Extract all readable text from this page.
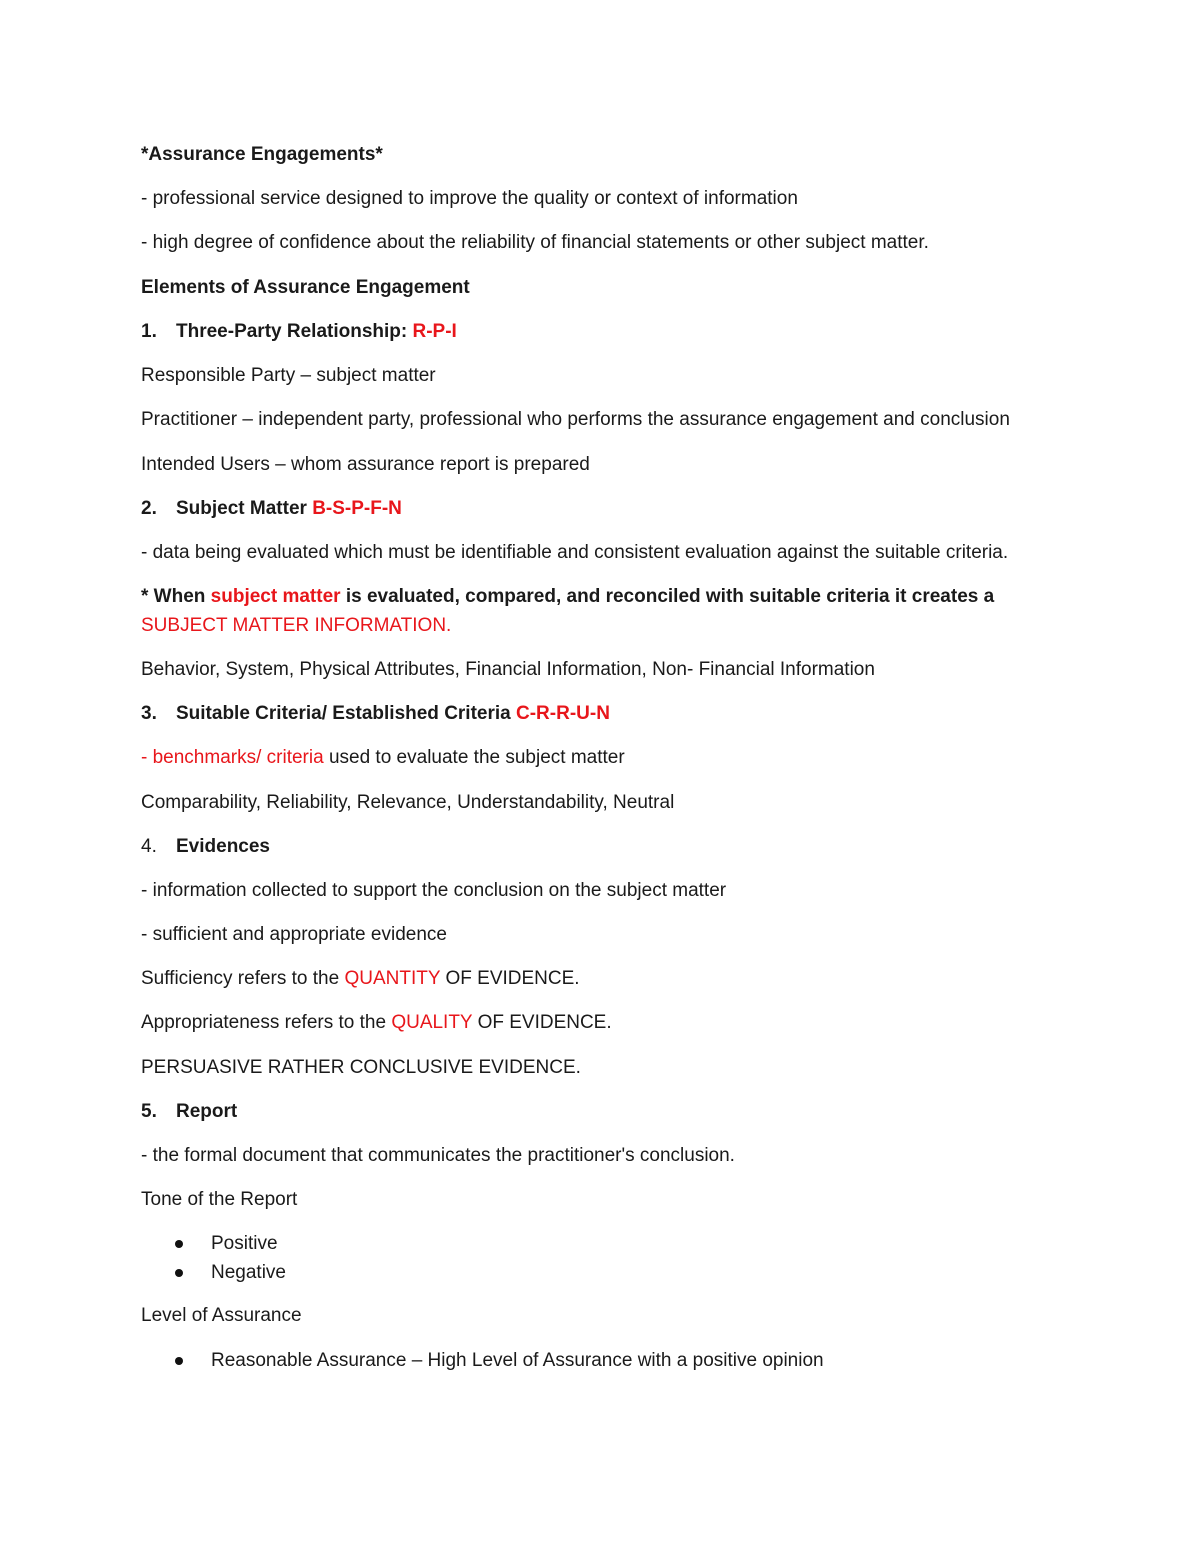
*Assurance Engagements*
- professional service designed to improve the quality or context of information
- high degree of confidence about the reliability of financial statements or other subject matter.
Elements of Assurance Engagement
1. Three-Party Relationship: R-P-I
Responsible Party – subject matter
Practitioner – independent party, professional who performs the assurance engagement and conclusion
Intended Users – whom assurance report is prepared
2. Subject Matter B-S-P-F-N
- data being evaluated which must be identifiable and consistent evaluation against the suitable criteria.
* When subject matter is evaluated, compared, and reconciled with suitable criteria it creates a
SUBJECT MATTER INFORMATION.
Behavior, System, Physical Attributes, Financial Information, Non- Financial Information
3. Suitable Criteria/ Established Criteria C-R-R-U-N
- benchmarks/ criteria used to evaluate the subject matter
Comparability, Reliability, Relevance, Understandability, Neutral
4. Evidences
- information collected to support the conclusion on the subject matter
- sufficient and appropriate evidence
Sufficiency refers to the QUANTITY OF EVIDENCE.
Appropriateness refers to the QUALITY OF EVIDENCE.
PERSUASIVE RATHER CONCLUSIVE EVIDENCE.
5. Report
- the formal document that communicates the practitioner's conclusion.
Tone of the Report
Positive
Negative
Level of Assurance
Reasonable Assurance – High Level of Assurance with a positive opinion
